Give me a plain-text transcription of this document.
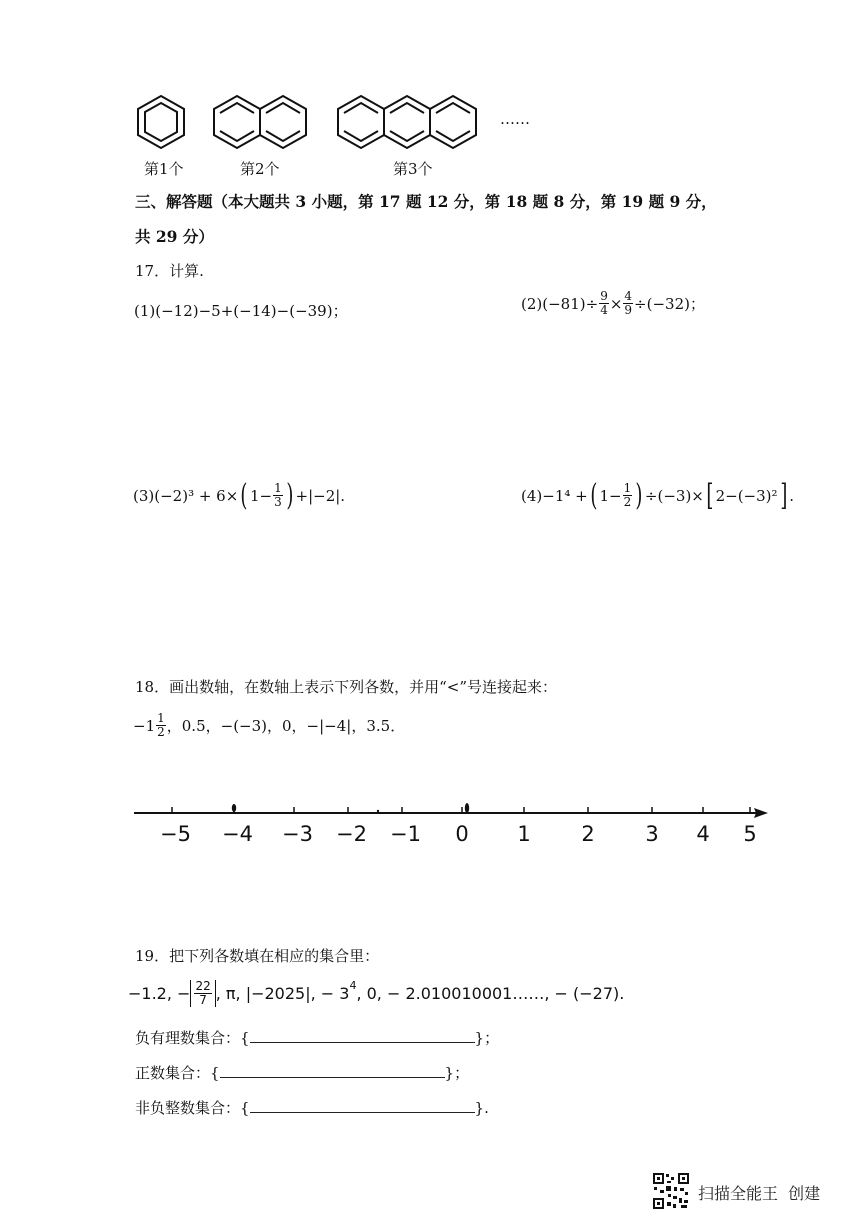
……
第1个	第2个	第3个
三、解答题（本大题共 3 小题，第 17 题 12 分，第 18 题 8 分，第 19 题 9 分，
共 29 分）
17．计算.
(1) (−12)−5+(−14)−(−39)；	(2) $(-81)\div \frac{9}{4} \times \frac{4}{9} \div(-32)$；
(3) (−2)³ + 6× ( $1- \frac{1}{3}$ ) +|−2|.	(4) −1⁴ + ( $1- \frac{1}{2}$ ) ÷(−3)× [ 2−(−3)² ] .
18．画出数轴，在数轴上表示下列各数，并用“<”号连接起来：
$-1 \frac{1}{2}$ ，0.5，−(−3)，0，−|−4|，3.5．
−5 −4 −3 −2 −1 0 1 2 3 4 5
19．把下列各数填在相应的集合里：
−1.2, − $\frac{22}{7}$ , π, |−2025|, − $3^4$ , 0, − 2.010010001……, − (−27).
负有理数集合：{	}；
正数集合：{	}；
非负整数集合：{	}.
扫描全能王  创建
